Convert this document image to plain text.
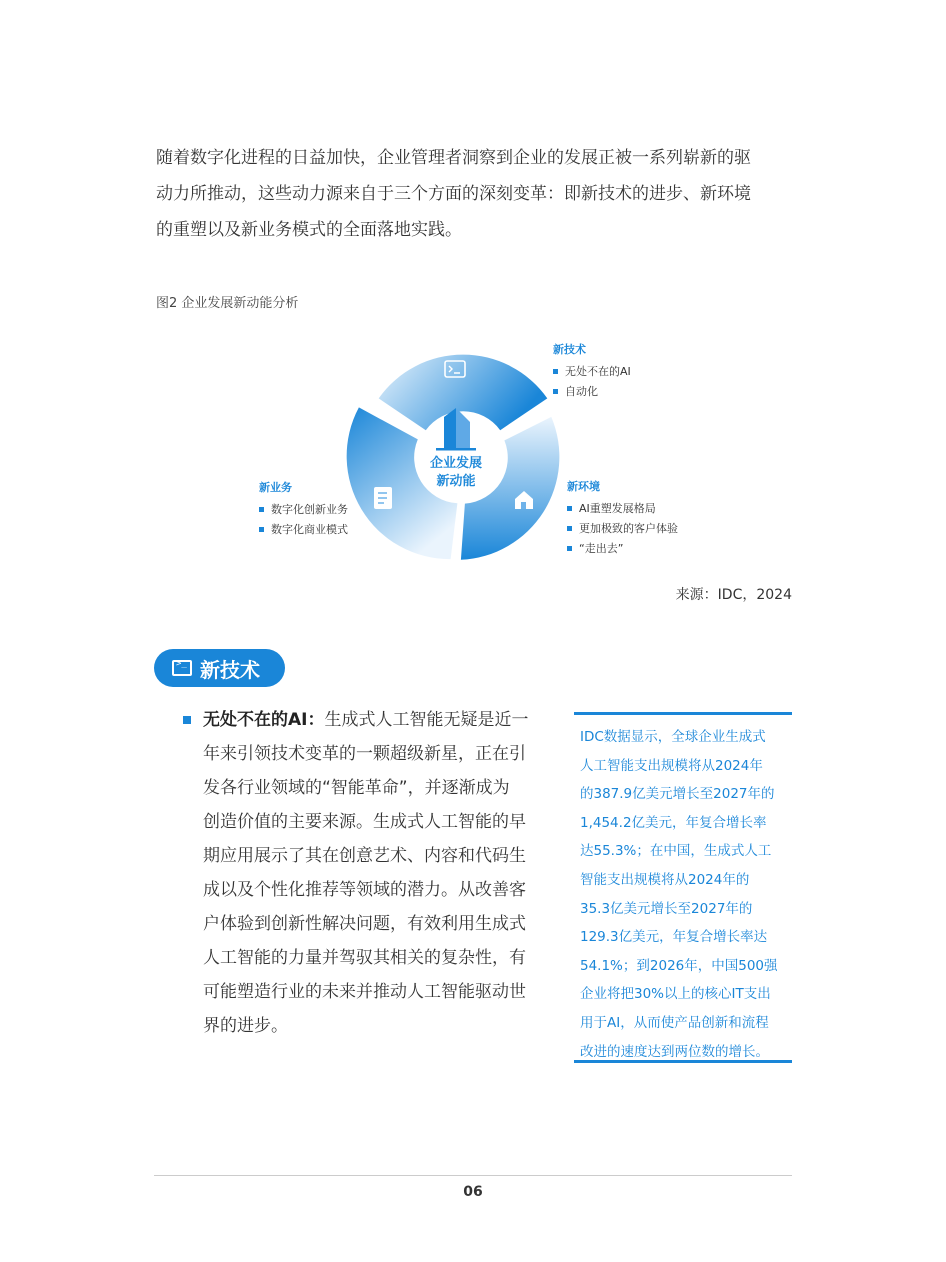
随着数字化进程的日益加快，企业管理者洞察到企业的发展正被一系列崭新的驱
动力所推动，这些动力源来自于三个方面的深刻变革：即新技术的进步、新环境
的重塑以及新业务模式的全面落地实践。
图2 企业发展新动能分析
企业发展
新动能
新技术
无处不在的AI
自动化
新环境
AI重塑发展格局
更加极致的客户体验
“走出去”
新业务
数字化创新业务
数字化商业模式
来源：IDC，2024
>_
新技术
无处不在的AI：生成式人工智能无疑是近一
年来引领技术变革的一颗超级新星，正在引
发各行业领域的“智能革命”，并逐渐成为
创造价值的主要来源。生成式人工智能的早
期应用展示了其在创意艺术、内容和代码生
成以及个性化推荐等领域的潜力。从改善客
户体验到创新性解决问题，有效利用生成式
人工智能的力量并驾驭其相关的复杂性，有
可能塑造行业的未来并推动人工智能驱动世
界的进步。
IDC数据显示，全球企业生成式
人工智能支出规模将从2024年
的387.9亿美元增长至2027年的
1,454.2亿美元，年复合增长率
达55.3%；在中国，生成式人工
智能支出规模将从2024年的
35.3亿美元增长至2027年的
129.3亿美元，年复合增长率达
54.1%；到2026年，中国500强
企业将把30%以上的核心IT支出
用于AI，从而使产品创新和流程
改进的速度达到两位数的增长。
06
